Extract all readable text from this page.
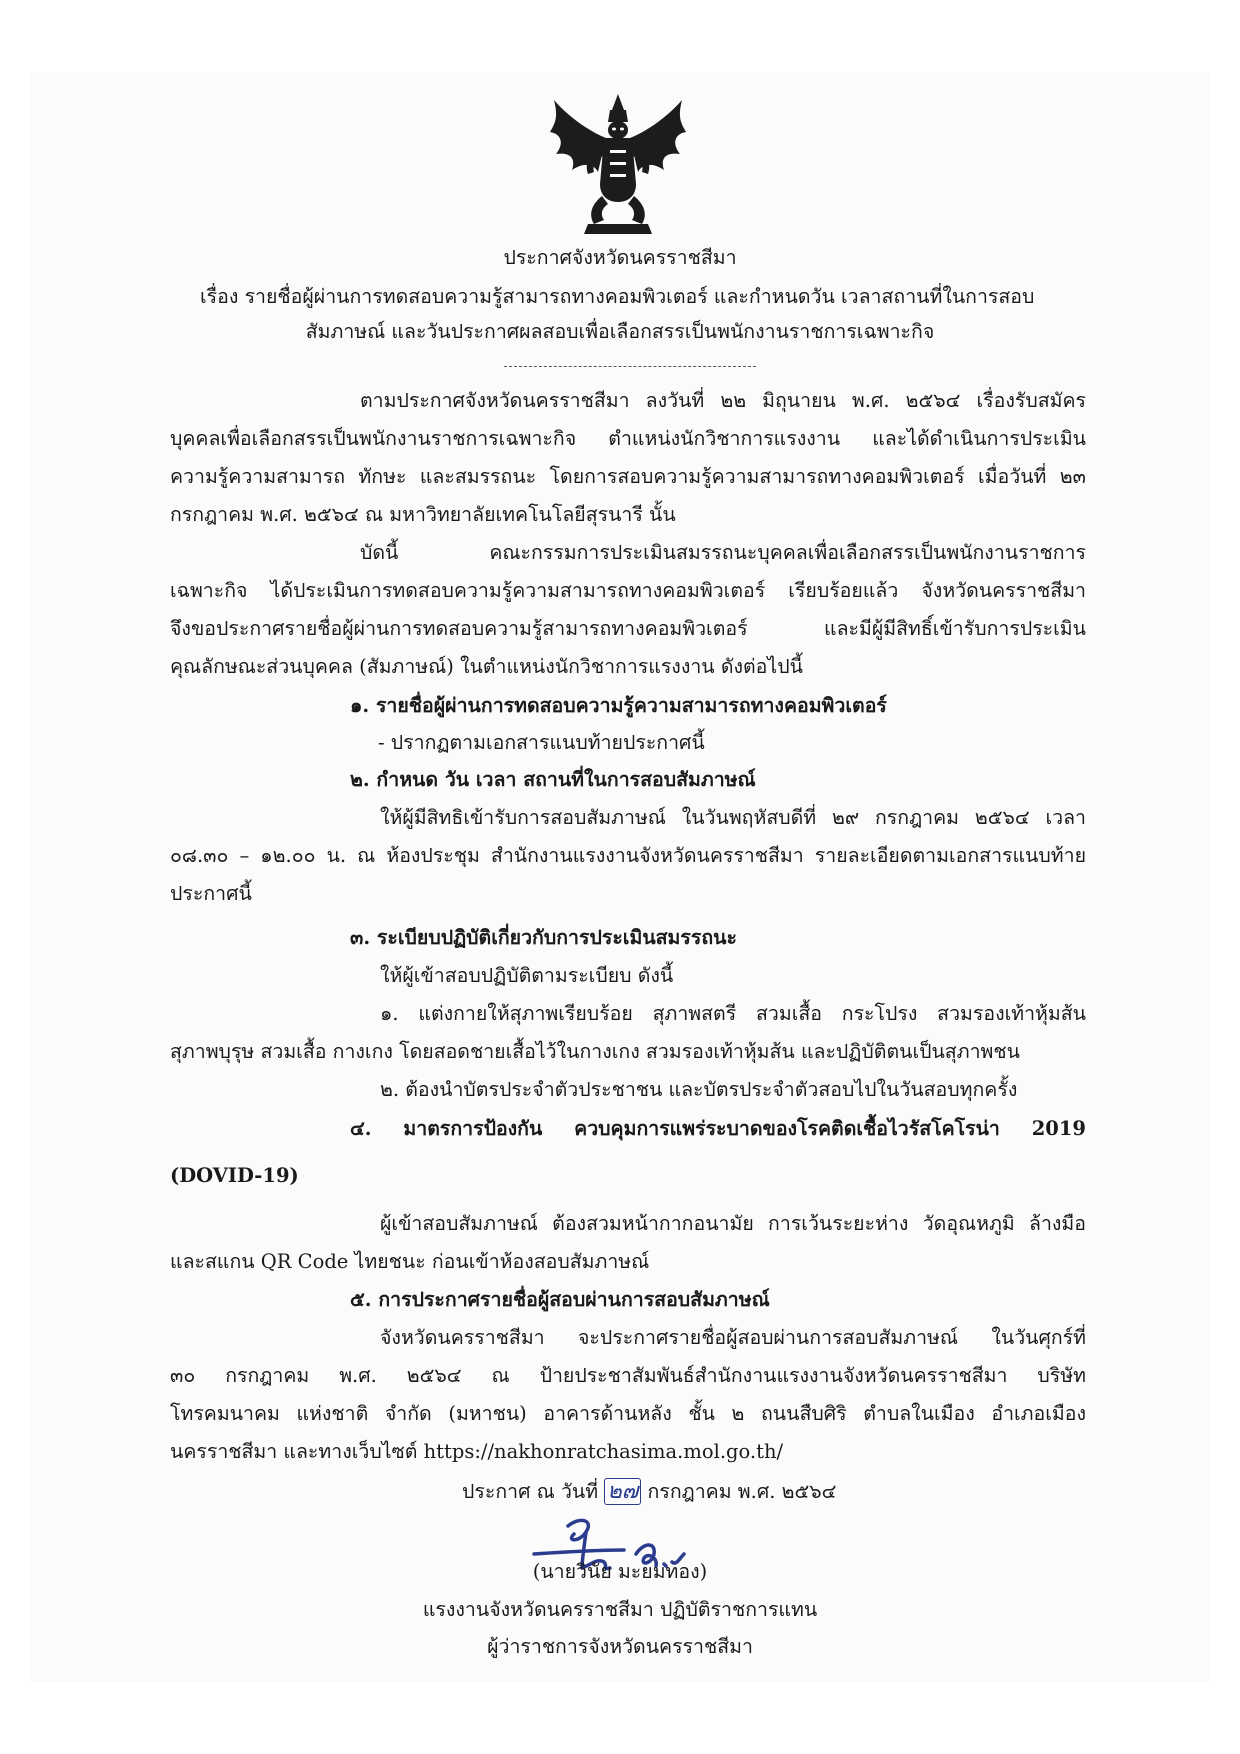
ประกาศจังหวัดนครราชสีมา
เรื่อง รายชื่อผู้ผ่านการทดสอบความรู้สามารถทางคอมพิวเตอร์ และกำหนดวัน เวลาสถานที่ในการสอบ
สัมภาษณ์ และวันประกาศผลสอบเพื่อเลือกสรรเป็นพนักงานราชการเฉพาะกิจ
ตามประกาศจังหวัดนครราชสีมา ลงวันที่ ๒๒ มิถุนายน พ.ศ. ๒๕๖๔ เรื่องรับสมัคร
บุคคลเพื่อเลือกสรรเป็นพนักงานราชการเฉพาะกิจ ตำแหน่งนักวิชาการแรงงาน และได้ดำเนินการประเมิน
ความรู้ความสามารถ ทักษะ และสมรรถนะ โดยการสอบความรู้ความสามารถทางคอมพิวเตอร์ เมื่อวันที่ ๒๓
กรกฎาคม พ.ศ. ๒๕๖๔ ณ มหาวิทยาลัยเทคโนโลยีสุรนารี นั้น
บัดนี้ คณะกรรมการประเมินสมรรถนะบุคคลเพื่อเลือกสรรเป็นพนักงานราชการ
เฉพาะกิจ ได้ประเมินการทดสอบความรู้ความสามารถทางคอมพิวเตอร์ เรียบร้อยแล้ว จังหวัดนครราชสีมา
จึงขอประกาศรายชื่อผู้ผ่านการทดสอบความรู้สามารถทางคอมพิวเตอร์ และมีผู้มีสิทธิ์เข้ารับการประเมิน
คุณลักษณะส่วนบุคคล (สัมภาษณ์) ในตำแหน่งนักวิชาการแรงงาน ดังต่อไปนี้
๑. รายชื่อผู้ผ่านการทดสอบความรู้ความสามารถทางคอมพิวเตอร์
- ปรากฏตามเอกสารแนบท้ายประกาศนี้
๒. กำหนด วัน เวลา สถานที่ในการสอบสัมภาษณ์
ให้ผู้มีสิทธิเข้ารับการสอบสัมภาษณ์ ในวันพฤหัสบดีที่ ๒๙ กรกฎาคม ๒๕๖๔ เวลา
๐๘.๓๐ – ๑๒.๐๐ น. ณ ห้องประชุม สำนักงานแรงงานจังหวัดนครราชสีมา รายละเอียดตามเอกสารแนบท้าย
ประกาศนี้
๓. ระเบียบปฏิบัติเกี่ยวกับการประเมินสมรรถนะ
ให้ผู้เข้าสอบปฏิบัติตามระเบียบ ดังนี้
๑. แต่งกายให้สุภาพเรียบร้อย สุภาพสตรี สวมเสื้อ กระโปรง สวมรองเท้าหุ้มส้น
สุภาพบุรุษ สวมเสื้อ กางเกง โดยสอดชายเสื้อไว้ในกางเกง สวมรองเท้าหุ้มส้น และปฏิบัติตนเป็นสุภาพชน
๒. ต้องนำบัตรประจำตัวประชาชน และบัตรประจำตัวสอบไปในวันสอบทุกครั้ง
๔. มาตรการป้องกัน ควบคุมการแพร่ระบาดของโรคติดเชื้อไวรัสโคโรน่า 2019
(DOVID-19)
ผู้เข้าสอบสัมภาษณ์ ต้องสวมหน้ากากอนามัย การเว้นระยะห่าง วัดอุณหภูมิ ล้างมือ
และสแกน QR Code ไทยชนะ ก่อนเข้าห้องสอบสัมภาษณ์
๕. การประกาศรายชื่อผู้สอบผ่านการสอบสัมภาษณ์
จังหวัดนครราชสีมา จะประกาศรายชื่อผู้สอบผ่านการสอบสัมภาษณ์ ในวันศุกร์ที่
๓๐ กรกฎาคม พ.ศ. ๒๕๖๔ ณ ป้ายประชาสัมพันธ์สำนักงานแรงงานจังหวัดนครราชสีมา บริษัท
โทรคมนาคม แห่งชาติ จำกัด (มหาชน) อาคารด้านหลัง ชั้น ๒ ถนนสืบศิริ ตำบลในเมือง อำเภอเมือง
นครราชสีมา และทางเว็บไซต์ https://nakhonratchasima.mol.go.th/
ประกาศ ณ วันที่ ๒๗ กรกฎาคม พ.ศ. ๒๕๖๔
(นายวินัย มะยมทอง)
แรงงานจังหวัดนครราชสีมา ปฏิบัติราชการแทน
ผู้ว่าราชการจังหวัดนครราชสีมา
